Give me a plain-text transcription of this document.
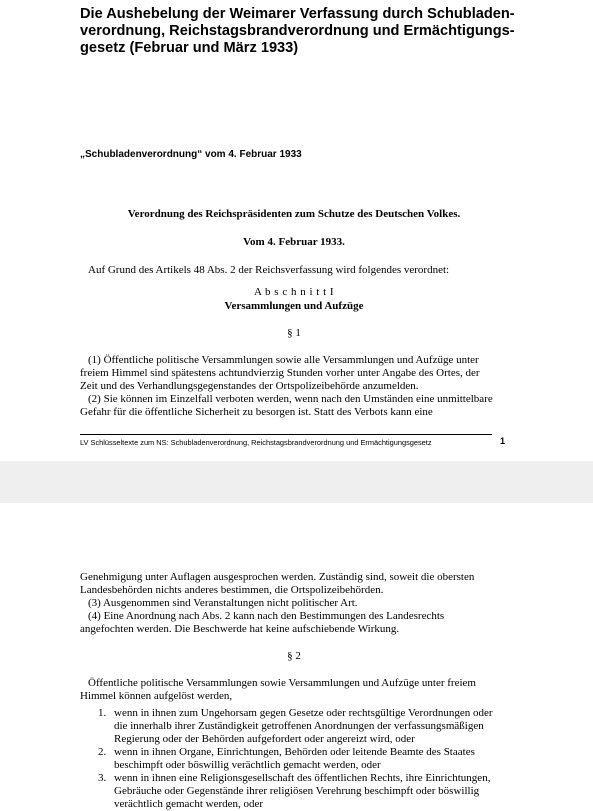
Die Aushebelung der Weimarer Verfassung durch Schubladen-
verordnung, Reichstagsbrandverordnung und Ermächtigungs-
gesetz (Februar und März 1933)

„Schubladenverordnung“ vom 4. Februar 1933

Verordnung des Reichspräsidenten zum Schutze des Deutschen Volkes.

Vom 4. Februar 1933.

Auf Grund des Artikels 48 Abs. 2 der Reichsverfassung wird folgendes verordnet:

A b s c h n i t t I

Versammlungen und Aufzüge

§ 1

(1) Öffentliche politische Versammlungen sowie alle Versammlungen und Aufzüge unter
freiem Himmel sind spätestens achtundvierzig Stunden vorher unter Angabe des Ortes, der
Zeit und des Verhandlungsgegenstandes der Ortspolizeibehörde anzumelden.
(2) Sie können im Einzelfall verboten werden, wenn nach den Umständen eine unmittelbare
Gefahr für die öffentliche Sicherheit zu besorgen ist. Statt des Verbots kann eine

LV Schlüsseltexte zum NS: Schubladenverordnung, Reichstagsbrandverordnung und Ermächtigungsgesetz	1

Genehmigung unter Auflagen ausgesprochen werden. Zuständig sind, soweit die obersten
Landesbehörden nichts anderes bestimmen, die Ortspolizeibehörden.
(3) Ausgenommen sind Veranstaltungen nicht politischer Art.
(4) Eine Anordnung nach Abs. 2 kann nach den Bestimmungen des Landesrechts
angefochten werden. Die Beschwerde hat keine aufschiebende Wirkung.

§ 2

Öffentliche politische Versammlungen sowie Versammlungen und Aufzüge unter freiem
Himmel können aufgelöst werden,

1. wenn in ihnen zum Ungehorsam gegen Gesetze oder rechtsgültige Verordnungen oder
die innerhalb ihrer Zuständigkeit getroffenen Anordnungen der verfassungsmäßigen
Regierung oder der Behörden aufgefordert oder angereizt wird, oder
2. wenn in ihnen Organe, Einrichtungen, Behörden oder leitende Beamte des Staates
beschimpft oder böswillig verächtlich gemacht werden, oder
3. wenn in ihnen eine Religionsgesellschaft des öffentlichen Rechts, ihre Einrichtungen,
Gebräuche oder Gegenstände ihrer religiösen Verehrung beschimpft oder böswillig
verächtlich gemacht werden, oder
